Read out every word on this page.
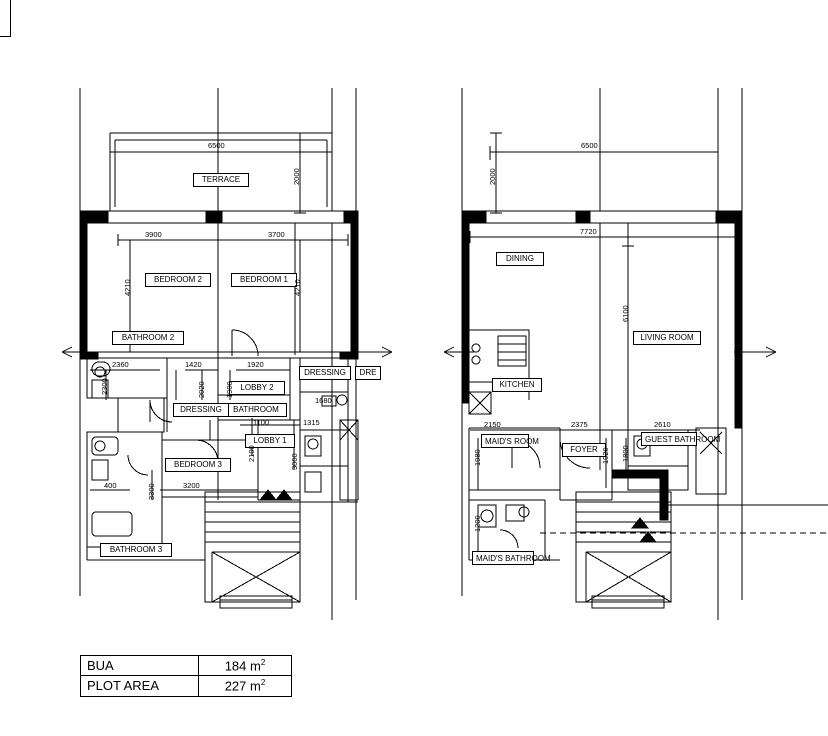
TERRACE
BEDROOM 2	BEDROOM 1
BEDROOM 3
BATHROOM 2
BATHROOM 3
BATHROOM
DRESSING
DRESSING	DRE
LOBBY 2
LOBBY 1
6500
2000
3900	3700
4210	4210
2360	1420	1920
1100	1315
1680
3200
400
2300	2020	1900
3000
2100
3300
DINING
LIVING ROOM
KITCHEN
MAID'S ROOM
MAID'S BATHROOM
FOYER
GUEST BATHROOM
6500
2000
7720
6100
2150	2375	2610
1980	1920 1800
1200
BUA	184 $m^2$
PLOT AREA	227 $m^2$
